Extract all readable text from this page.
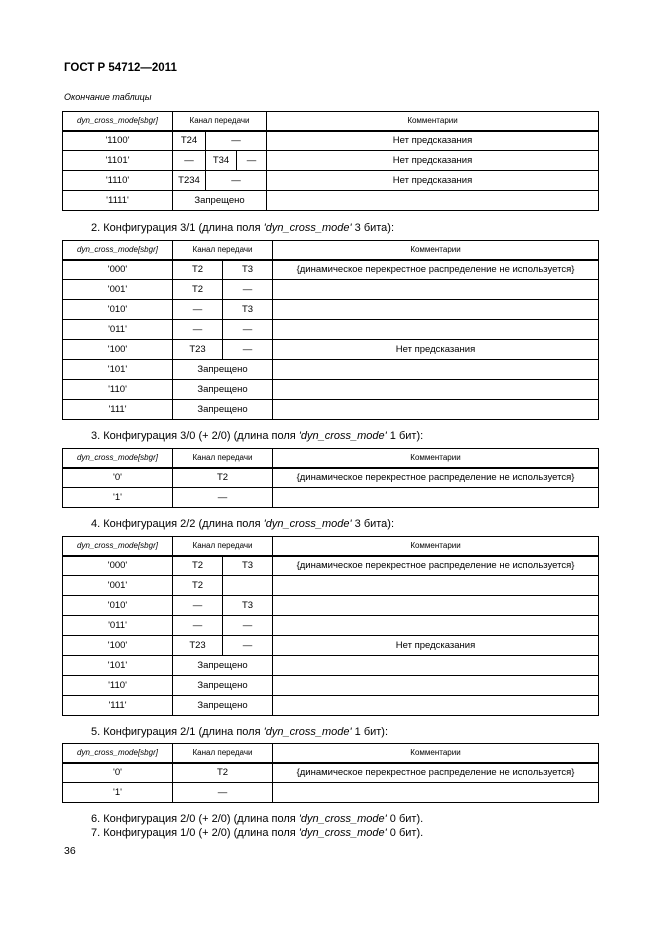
ГОСТ Р 54712—2011
Окончание таблицы
dyn_cross_mode[sbgr]	Канал передачи			Комментарии
'1100'	T24	—		Нет предсказания
'1101'	—	T34	—	Нет предсказания
'1110'	T234	—		Нет предсказания
'1111'	Запрещено			
2. Конфигурация 3/1 (длина поля 'dyn_cross_mode' 3 бита):
dyn_cross_mode[sbgr]	Канал передачи		Комментарии
'000'	T2	T3	{динамическое перекрестное распределение не используется}
'001'	T2	—	
'010'	—	T3	
'011'	—	—	
'100'	T23	—	Нет предсказания
'101'	Запрещено		
'110'	Запрещено		
'111'	Запрещено		
3. Конфигурация 3/0 (+ 2/0) (длина поля 'dyn_cross_mode' 1 бит):
dyn_cross_mode[sbgr]	Канал передачи	Комментарии
'0'	T2	{динамическое перекрестное распределение не используется}
'1'	—	
4. Конфигурация 2/2 (длина поля 'dyn_cross_mode' 3 бита):
dyn_cross_mode[sbgr]	Канал передачи		Комментарии
'000'	T2	T3	{динамическое перекрестное распределение не используется}
'001'	T2		
'010'	—	T3	
'011'	—	—	
'100'	T23	—	Нет предсказания
'101'	Запрещено		
'110'	Запрещено		
'111'	Запрещено		
5. Конфигурация 2/1 (длина поля 'dyn_cross_mode' 1 бит):
dyn_cross_mode[sbgr]	Канал передачи	Комментарии
'0'	T2	{динамическое перекрестное распределение не используется}
'1'	—	
6. Конфигурация 2/0 (+ 2/0) (длина поля 'dyn_cross_mode' 0 бит).
7. Конфигурация 1/0 (+ 2/0) (длина поля 'dyn_cross_mode' 0 бит).
36
